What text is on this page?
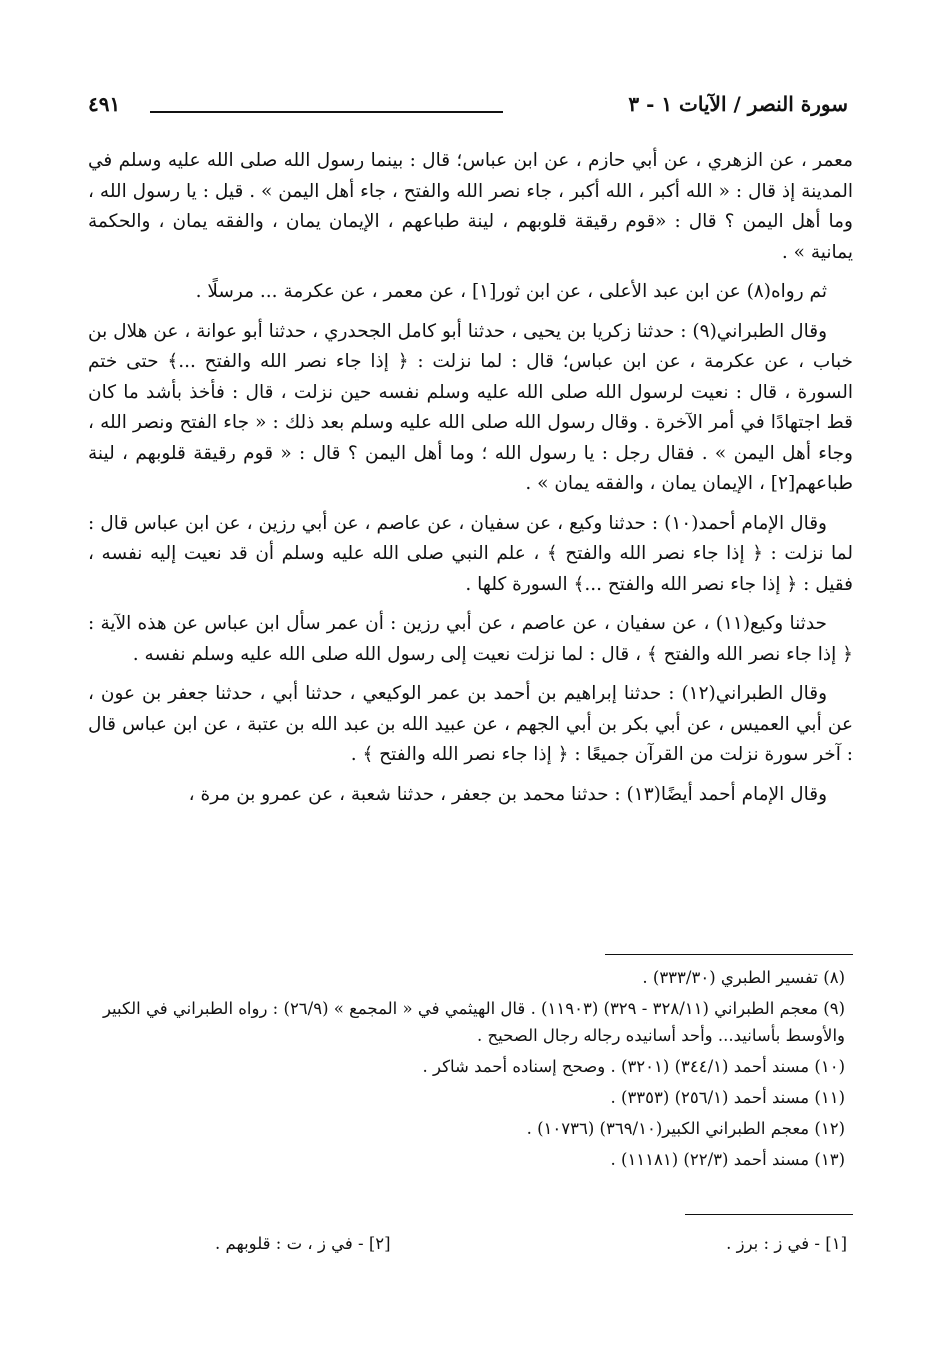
سورة النصر / الآيات ١ - ٣
٤٩١

معمر ، عن الزهري ، عن أبي حازم ، عن ابن عباس؛ قال : بينما رسول الله صلى الله عليه وسلم في المدينة إذ قال : « الله أكبر ، الله أكبر ، جاء نصر الله والفتح ، جاء أهل اليمن » . قيل : يا رسول الله ، وما أهل اليمن ؟ قال : «قوم رقيقة قلوبهم ، لينة طباعهم ، الإيمان يمان ، والفقه يمان ، والحكمة يمانية » .

ثم رواه(٨) عن ابن عبد الأعلى ، عن ابن ثور[١] ، عن معمر ، عن عكرمة ... مرسلًا .

وقال الطبراني(٩) : حدثنا زكريا بن يحيى ، حدثنا أبو كامل الجحدري ، حدثنا أبو عوانة ، عن هلال بن خباب ، عن عكرمة ، عن ابن عباس؛ قال : لما نزلت : ﴿ إذا جاء نصر الله والفتح ...﴾ حتى ختم السورة ، قال : نعيت لرسول الله صلى الله عليه وسلم نفسه حين نزلت ، قال : فأخذ بأشد ما كان قط اجتهادًا في أمر الآخرة . وقال رسول الله صلى الله عليه وسلم بعد ذلك : « جاء الفتح ونصر الله ، وجاء أهل اليمن » . فقال رجل : يا رسول الله ؛ وما أهل اليمن ؟ قال : « قوم رقيقة قلوبهم ، لينة طباعهم[٢] ، الإيمان يمان ، والفقه يمان » .

وقال الإمام أحمد(١٠) : حدثنا وكيع ، عن سفيان ، عن عاصم ، عن أبي رزين ، عن ابن عباس قال : لما نزلت : ﴿ إذا جاء نصر الله والفتح ﴾ ، علم النبي صلى الله عليه وسلم أن قد نعيت إليه نفسه ، فقيل : ﴿ إذا جاء نصر الله والفتح ...﴾ السورة كلها .

حدثنا وكيع(١١) ، عن سفيان ، عن عاصم ، عن أبي رزين : أن عمر سأل ابن عباس عن هذه الآية : ﴿ إذا جاء نصر الله والفتح ﴾ ، قال : لما نزلت نعيت إلى رسول الله صلى الله عليه وسلم نفسه .

وقال الطبراني(١٢) : حدثنا إبراهيم بن أحمد بن عمر الوكيعي ، حدثنا أبي ، حدثنا جعفر بن عون ، عن أبي العميس ، عن أبي بكر بن أبي الجهم ، عن عبيد الله بن عبد الله بن عتبة ، عن ابن عباس قال : آخر سورة نزلت من القرآن جميعًا : ﴿ إذا جاء نصر الله والفتح ﴾ .

وقال الإمام أحمد أيضًا(١٣) : حدثنا محمد بن جعفر ، حدثنا شعبة ، عن عمرو بن مرة ،

(٨) تفسير الطبري (٣٣٣/٣٠) .

(٩) معجم الطبراني (٣٢٨/١١ - ٣٢٩) (١١٩٠٣) . قال الهيثمي في « المجمع » (٢٦/٩) : رواه الطبراني في الكبير والأوسط بأسانيد... وأحد أسانيده رجاله رجال الصحيح .

(١٠) مسند أحمد (٣٤٤/١) (٣٢٠١) . وصحح إسناده أحمد شاكر .

(١١) مسند أحمد (٢٥٦/١) (٣٣٥٣) .

(١٢) معجم الطبراني الكبير(٣٦٩/١٠) (١٠٧٣٦) .

(١٣) مسند أحمد (٢٢/٣) (١١١٨١) .

[١] - في ز : برز .
[٢] - في ز ، ت : قلوبهم .
